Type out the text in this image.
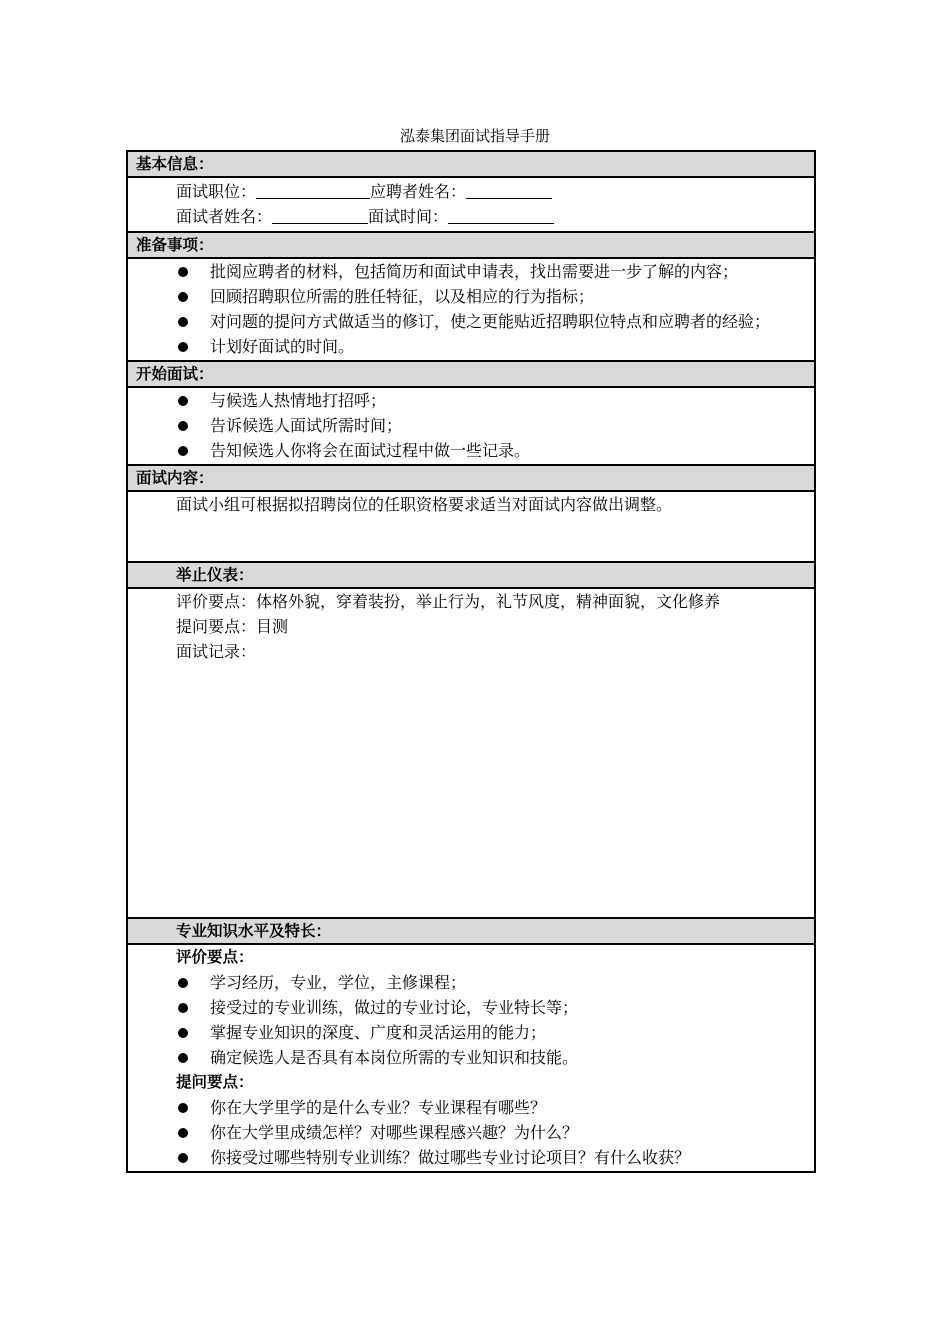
泓泰集团面试指导手册
基本信息：
面试职位：	应聘者姓名：
面试者姓名：	面试时间：
准备事项：
批阅应聘者的材料，包括简历和面试申请表，找出需要进一步了解的内容；
回顾招聘职位所需的胜任特征，以及相应的行为指标；
对问题的提问方式做适当的修订，使之更能贴近招聘职位特点和应聘者的经验；
计划好面试的时间。
开始面试：
与候选人热情地打招呼；
告诉候选人面试所需时间；
告知候选人你将会在面试过程中做一些记录。
面试内容：
面试小组可根据拟招聘岗位的任职资格要求适当对面试内容做出调整。
举止仪表：
评价要点： 体格外貌，穿着装扮，举止行为，礼节风度，精神面貌，文化修养
提问要点： 目测
面试记录：
专业知识水平及特长：
评价要点：
学习经历，专业，学位，主修课程；
接受过的专业训练，做过的专业讨论，专业特长等；
掌握专业知识的深度、广度和灵活运用的能力；
确定候选人是否具有本岗位所需的专业知识和技能。
提问要点：
你在大学里学的是什么专业？专业课程有哪些？
你在大学里成绩怎样？对哪些课程感兴趣？为什么？
你接受过哪些特别专业训练？做过哪些专业讨论项目？有什么收获？
